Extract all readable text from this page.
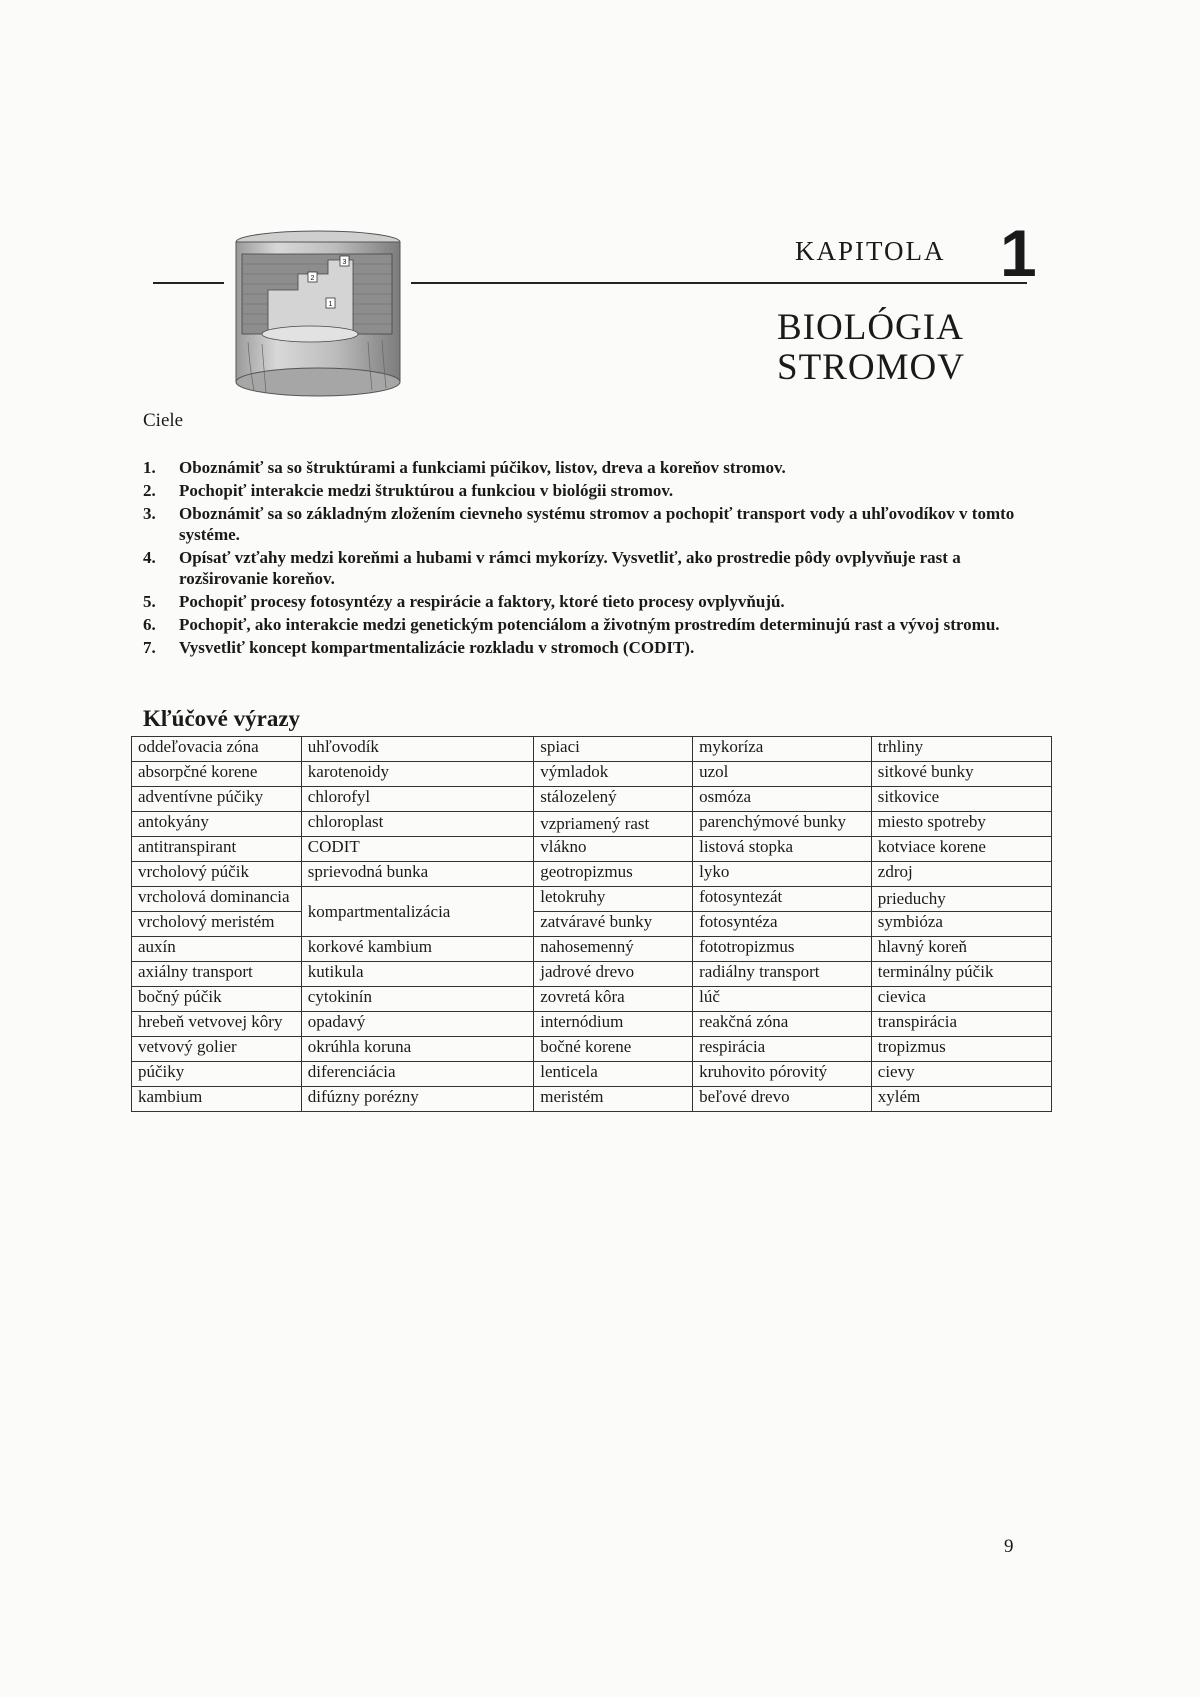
3
2
1
KAPITOLA 1
BIOLÓGIA
STROMOV
Ciele
1. Oboznámiť sa so štruktúrami a funkciami púčikov, listov, dreva a koreňov stromov.
2. Pochopiť interakcie medzi štruktúrou a funkciou v biológii stromov.
3. Oboznámiť sa so základným zložením cievneho systému stromov a pochopiť transport vody a uhľovodíkov v tomto systéme.
4. Opísať vzťahy medzi koreňmi a hubami v rámci mykorízy. Vysvetliť, ako prostredie pôdy ovplyvňuje rast a rozširovanie koreňov.
5. Pochopiť procesy fotosyntézy a respirácie a faktory, ktoré tieto procesy ovplyvňujú.
6. Pochopiť, ako interakcie medzi genetickým potenciálom a životným prostredím determinujú rast a vývoj stromu.
7. Vysvetliť koncept kompartmentalizácie rozkladu v stromoch (CODIT).
Kľúčové výrazy
oddeľovacia zóna	uhľovodík	spiaci	mykoríza	trhliny
absorpčné korene	karotenoidy	výmladok	uzol	sitkové bunky
adventívne púčiky	chlorofyl	stálozelený	osmóza	sitkovice
antokyány	chloroplast	vzpriamený rast	parenchýmové bunky	miesto spotreby
antitranspirant	CODIT	vlákno	listová stopka	kotviace korene
vrcholový púčik	sprievodná bunka	geotropizmus	lyko	zdroj
vrcholová dominancia	kompartmentalizácia	letokruhy	fotosyntezát	prieduchy
vrcholový meristém		zatváravé bunky	fotosyntéza	symbióza
auxín	korkové kambium	nahosemenný	fototropizmus	hlavný koreň
axiálny transport	kutikula	jadrové drevo	radiálny transport	terminálny púčik
bočný púčik	cytokinín	zovretá kôra	lúč	cievica
hrebeň vetvovej kôry	opadavý	internódium	reakčná zóna	transpirácia
vetvový golier	okrúhla koruna	bočné korene	respirácia	tropizmus
púčiky	diferenciácia	lenticela	kruhovito pórovitý	cievy
kambium	difúzny porézny	meristém	beľové drevo	xylém
9
